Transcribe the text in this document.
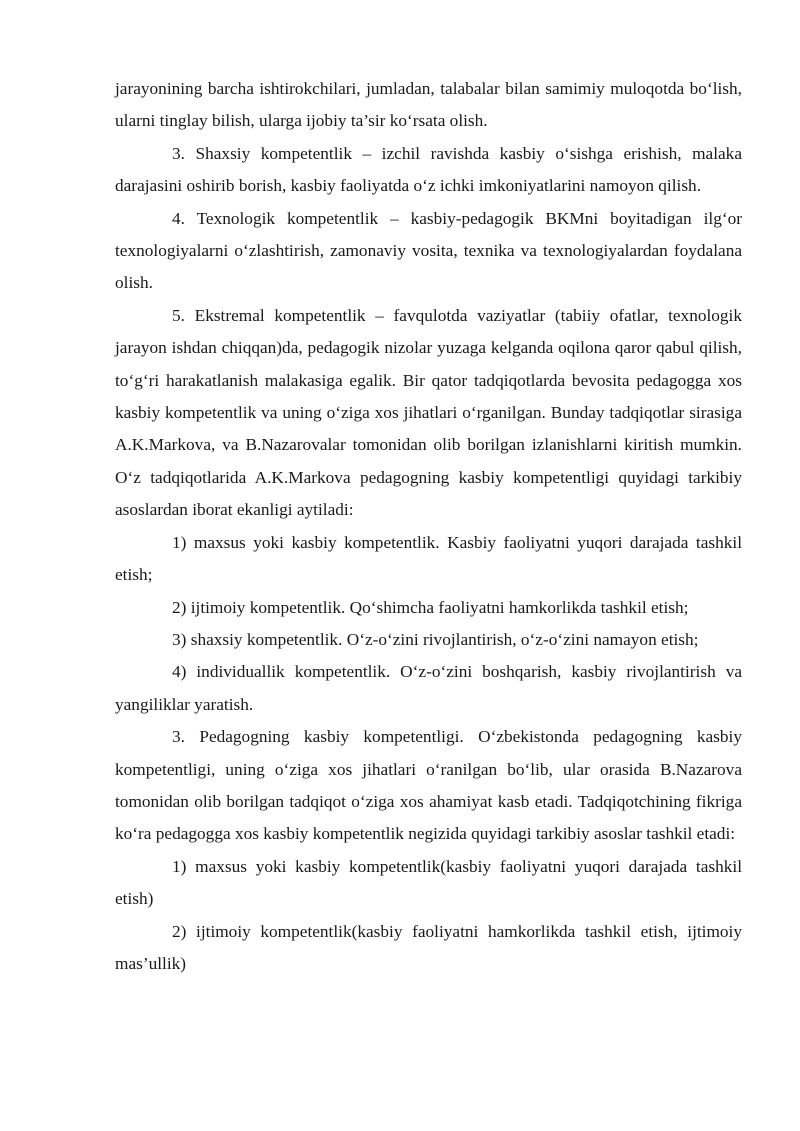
jarayonining barcha ishtirokchilari, jumladan, talabalar bilan samimiy muloqotda bo‘lish, ularni tinglay bilish, ularga ijobiy ta’sir ko‘rsata olish.

3. Shaxsiy kompetentlik – izchil ravishda kasbiy o‘sishga erishish, malaka darajasini oshirib borish, kasbiy faoliyatda o‘z ichki imkoniyatlarini namoyon qilish.

4. Texnologik kompetentlik – kasbiy-pedagogik BKMni boyitadigan ilg‘or texnologiyalarni o‘zlashtirish, zamonaviy vosita, texnika va texnologiyalardan foydalana olish.

5. Ekstremal kompetentlik – favqulotda vaziyatlar (tabiiy ofatlar, texnologik jarayon ishdan chiqqan)da, pedagogik nizolar yuzaga kelganda oqilona qaror qabul qilish, to‘g‘ri harakatlanish malakasiga egalik. Bir qator tadqiqotlarda bevosita pedagogga xos kasbiy kompetentlik va uning o‘ziga xos jihatlari o‘rganilgan. Bunday tadqiqotlar sirasiga A.K.Markova, va B.Nazarovalar tomonidan olib borilgan izlanishlarni kiritish mumkin. O‘z tadqiqotlarida A.K.Markova pedagogning kasbiy kompetentligi quyidagi tarkibiy asoslardan iborat ekanligi aytiladi:

1) maxsus yoki kasbiy kompetentlik. Kasbiy faoliyatni yuqori darajada tashkil etish;

2) ijtimoiy kompetentlik. Qo‘shimcha faoliyatni hamkorlikda tashkil etish;

3) shaxsiy kompetentlik. O‘z-o‘zini rivojlantirish, o‘z-o‘zini namayon etish;

4) individuallik kompetentlik. O‘z-o‘zini boshqarish, kasbiy rivojlantirish va yangiliklar yaratish.

3. Pedagogning kasbiy kompetentligi. O‘zbekistonda pedagogning kasbiy kompetentligi, uning o‘ziga xos jihatlari o‘ranilgan bo‘lib, ular orasida B.Nazarova tomonidan olib borilgan tadqiqot o‘ziga xos ahamiyat kasb etadi. Tadqiqotchining fikriga ko‘ra pedagogga xos kasbiy kompetentlik negizida quyidagi tarkibiy asoslar tashkil etadi:

1) maxsus yoki kasbiy kompetentlik(kasbiy faoliyatni yuqori darajada tashkil etish)

2) ijtimoiy kompetentlik(kasbiy faoliyatni hamkorlikda tashkil etish, ijtimoiy mas’ullik)
